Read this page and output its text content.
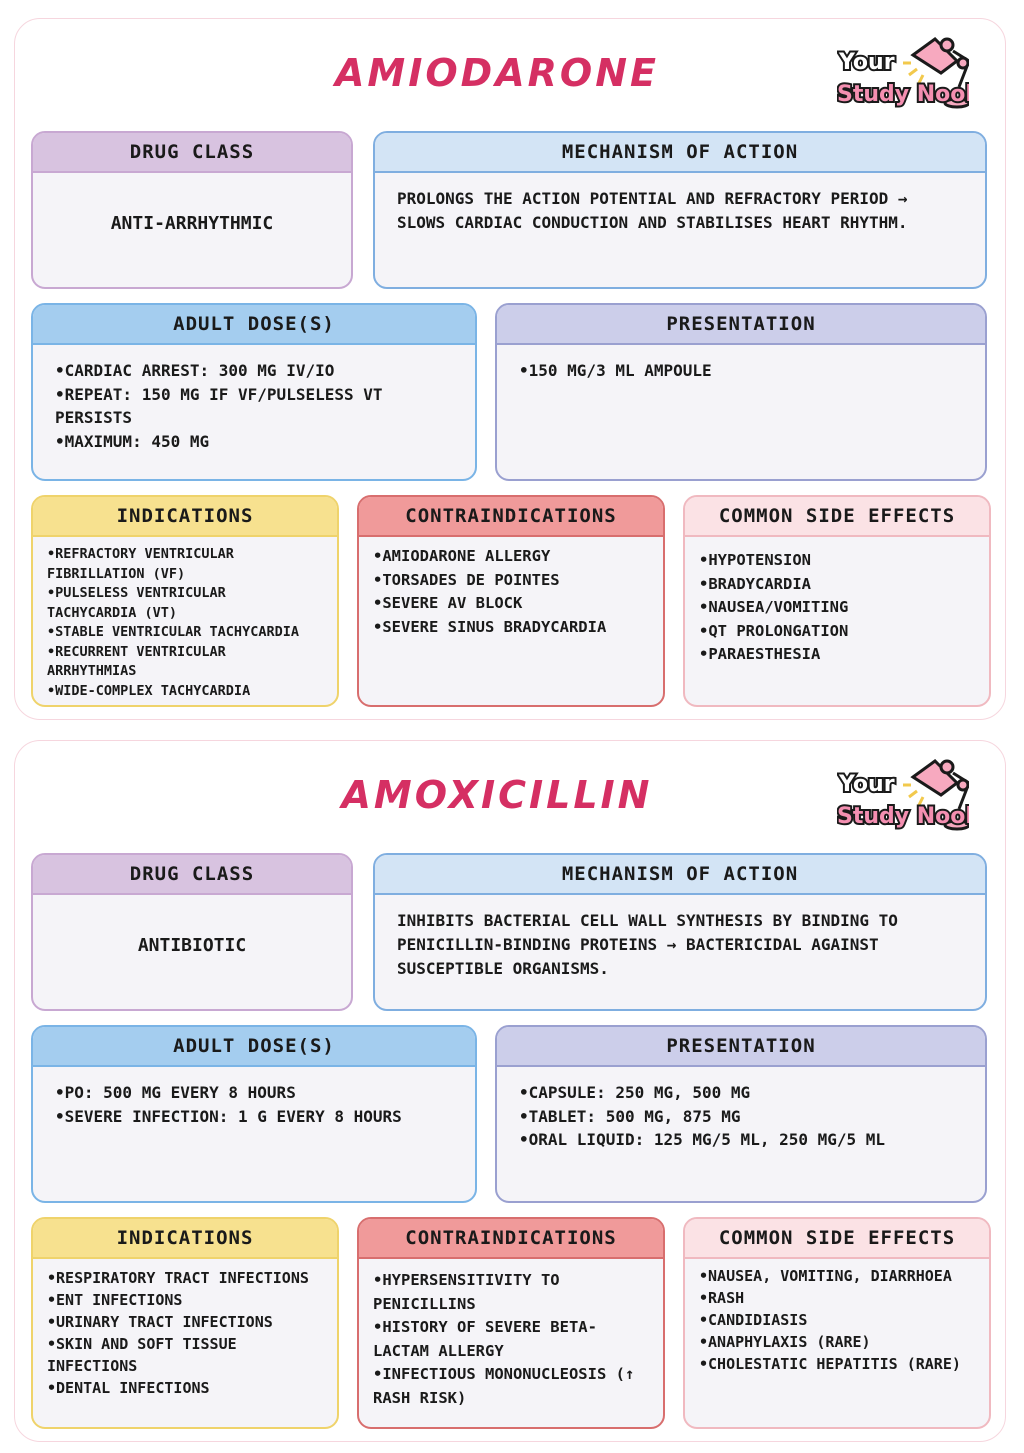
AMIODARONE	Your
Study Nook
DRUG CLASS
ANTI-ARRHYTHMIC
MECHANISM OF ACTION
PROLONGS THE ACTION POTENTIAL AND REFRACTORY PERIOD → SLOWS CARDIAC CONDUCTION AND STABILISES HEART RHYTHM.
ADULT DOSE(S)
•CARDIAC ARREST: 300 MG IV/IO
•REPEAT: 150 MG IF VF/PULSELESS VT PERSISTS
•MAXIMUM: 450 MG
PRESENTATION
•150 MG/3 ML AMPOULE
INDICATIONS
•REFRACTORY VENTRICULAR FIBRILLATION (VF)
•PULSELESS VENTRICULAR TACHYCARDIA (VT)
•STABLE VENTRICULAR TACHYCARDIA
•RECURRENT VENTRICULAR ARRHYTHMIAS
•WIDE-COMPLEX TACHYCARDIA
CONTRAINDICATIONS
•AMIODARONE ALLERGY
•TORSADES DE POINTES
•SEVERE AV BLOCK
•SEVERE SINUS BRADYCARDIA
COMMON SIDE EFFECTS
•HYPOTENSION
•BRADYCARDIA
•NAUSEA/VOMITING
•QT PROLONGATION
•PARAESTHESIA
AMOXICILLIN	Your
Study Nook
DRUG CLASS
ANTIBIOTIC
MECHANISM OF ACTION
INHIBITS BACTERIAL CELL WALL SYNTHESIS BY BINDING TO PENICILLIN-BINDING PROTEINS → BACTERICIDAL AGAINST SUSCEPTIBLE ORGANISMS.
ADULT DOSE(S)
•PO: 500 MG EVERY 8 HOURS
•SEVERE INFECTION: 1 G EVERY 8 HOURS
PRESENTATION
•CAPSULE: 250 MG, 500 MG
•TABLET: 500 MG, 875 MG
•ORAL LIQUID: 125 MG/5 ML, 250 MG/5 ML
INDICATIONS
•RESPIRATORY TRACT INFECTIONS
•ENT INFECTIONS
•URINARY TRACT INFECTIONS
•SKIN AND SOFT TISSUE INFECTIONS
•DENTAL INFECTIONS
CONTRAINDICATIONS
•HYPERSENSITIVITY TO PENICILLINS
•HISTORY OF SEVERE BETA-LACTAM ALLERGY
•INFECTIOUS MONONUCLEOSIS (↑ RASH RISK)
COMMON SIDE EFFECTS
•NAUSEA, VOMITING, DIARRHOEA
•RASH
•CANDIDIASIS
•ANAPHYLAXIS (RARE)
•CHOLESTATIC HEPATITIS (RARE)
